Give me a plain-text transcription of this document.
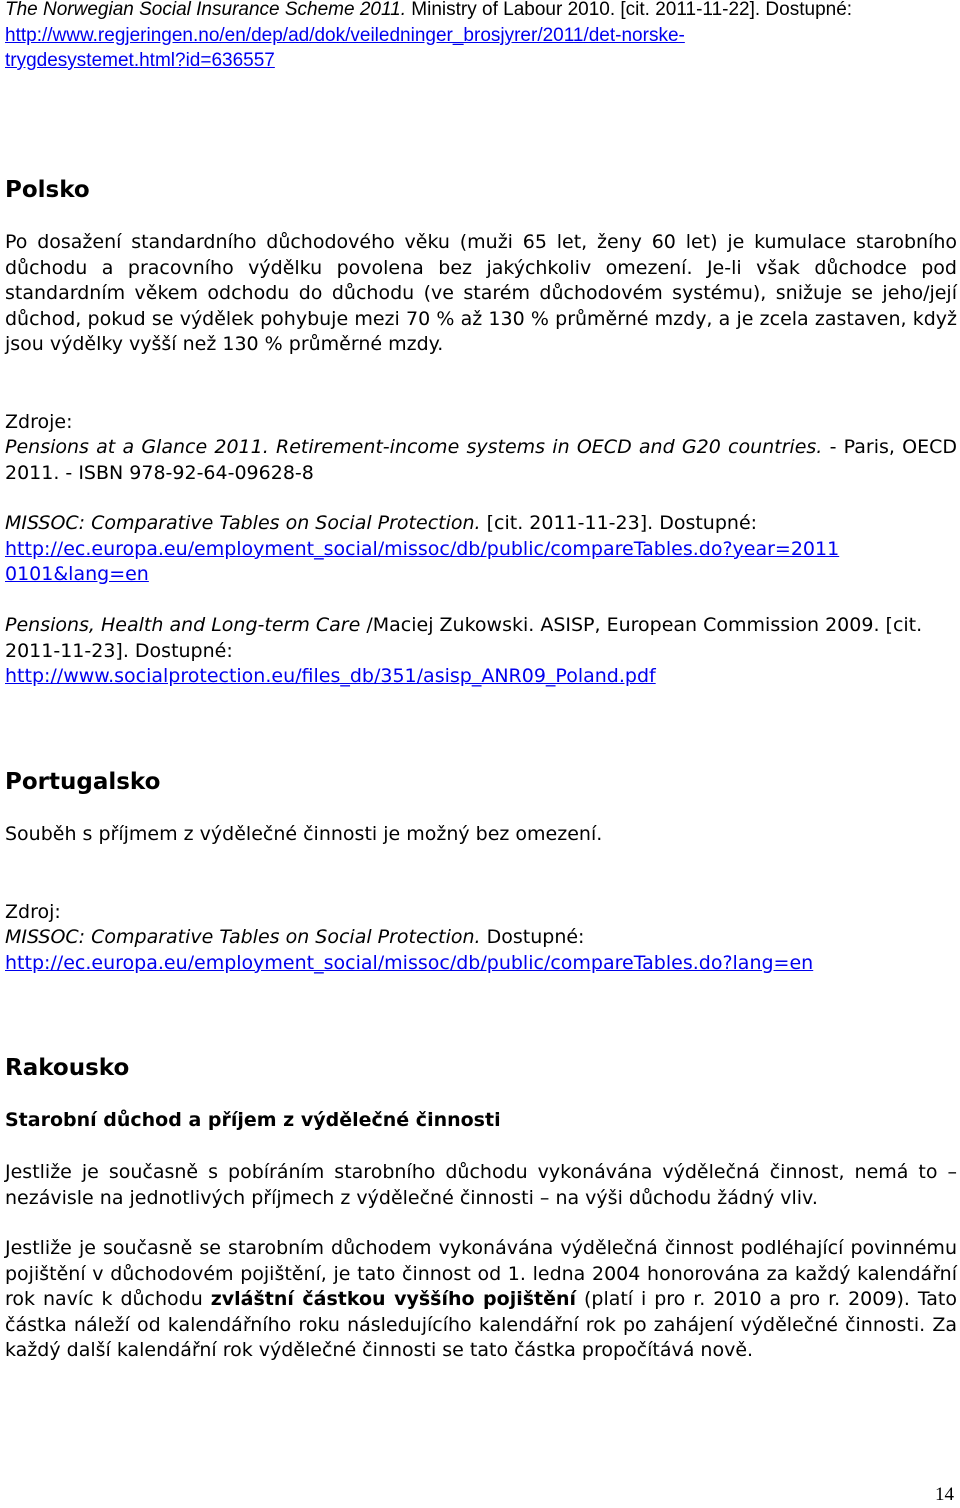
The Norwegian Social Insurance Scheme 2011. Ministry of Labour 2010. [cit. 2011-11-22]. Dostupné:
http://www.regjeringen.no/en/dep/ad/dok/veiledninger_brosjyrer/2011/det-norske-
trygdesystemet.html?id=636557

Polsko

Po dosažení standardního důchodového věku (muži 65 let, ženy 60 let) je kumulace starobního důchodu a pracovního výdělku povolena bez jakýchkoliv omezení. Je-li však důchodce pod standardním věkem odchodu do důchodu (ve starém důchodovém systému), snižuje se jeho/její důchod, pokud se výdělek pohybuje mezi 70 % až 130 % průměrné mzdy, a je zcela zastaven, když jsou výdělky vyšší než 130 % průměrné mzdy.

Zdroje:

Pensions at a Glance 2011. Retirement-income systems in OECD and G20 countries. - Paris, OECD 2011. - ISBN 978-92-64-09628-8

MISSOC: Comparative Tables on Social Protection. [cit. 2011-11-23]. Dostupné:
http://ec.europa.eu/employment_social/missoc/db/public/compareTables.do?year=2011
0101&lang=en

Pensions, Health and Long-term Care /Maciej Zukowski. ASISP, European Commission 2009. [cit. 2011-11-23]. Dostupné:
http://www.socialprotection.eu/files_db/351/asisp_ANR09_Poland.pdf

Portugalsko

Souběh s příjmem z výdělečné činnosti je možný bez omezení.

Zdroj:

MISSOC: Comparative Tables on Social Protection. Dostupné:
http://ec.europa.eu/employment_social/missoc/db/public/compareTables.do?lang=en

Rakousko
Starobní důchod a příjem z výdělečné činnosti

Jestliže je současně s pobíráním starobního důchodu vykonávána výdělečná činnost, nemá to – nezávisle na jednotlivých příjmech z výdělečné činnosti – na výši důchodu žádný vliv.

Jestliže je současně se starobním důchodem vykonávána výdělečná činnost podléhající povinnému pojištění v důchodovém pojištění, je tato činnost od 1. ledna 2004 honorována za každý kalendářní rok navíc k důchodu zvláštní částkou vyššího pojištění (platí i pro r. 2010 a pro r. 2009). Tato částka náleží od kalendářního roku následujícího kalendářní rok po zahájení výdělečné činnosti. Za každý další kalendářní rok výdělečné činnosti se tato částka propočítává nově.

14
